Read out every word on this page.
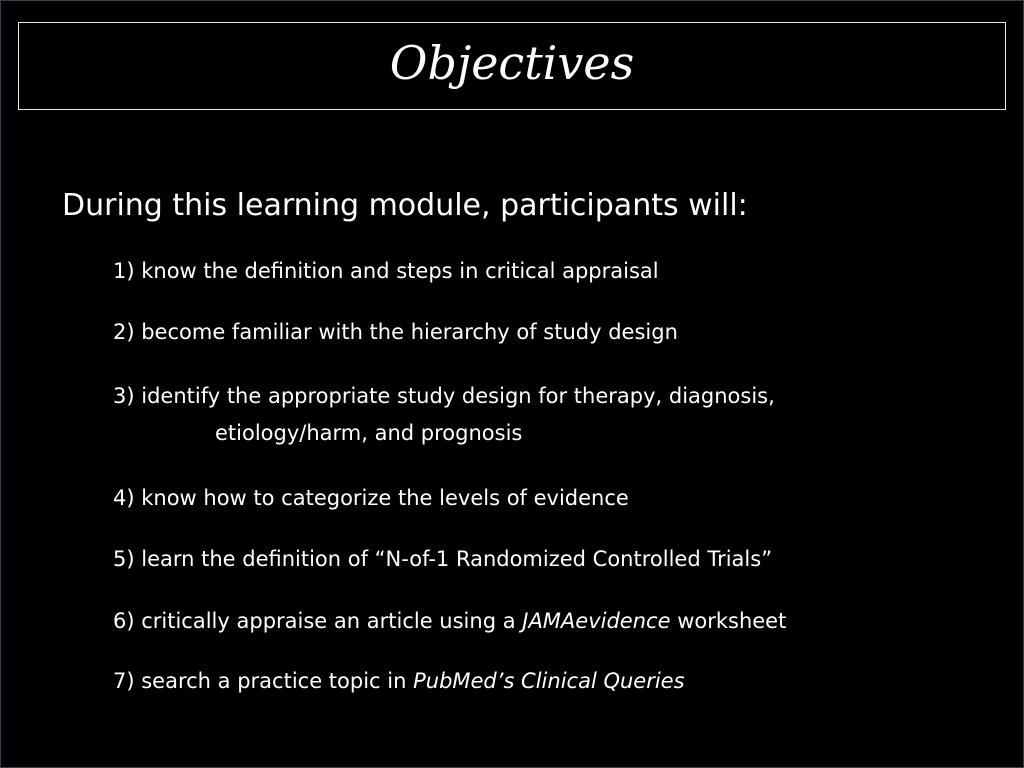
Objectives
During this learning module, participants will:
1) know the definition and steps in critical appraisal
2) become familiar with the hierarchy of study design
3) identify the appropriate study design for therapy, diagnosis,
etiology/harm, and prognosis
4) know how to categorize the levels of evidence
5) learn the definition of “N-of-1 Randomized Controlled Trials”
6) critically appraise an article using a JAMAevidence worksheet
7) search a practice topic in PubMed’s Clinical Queries
